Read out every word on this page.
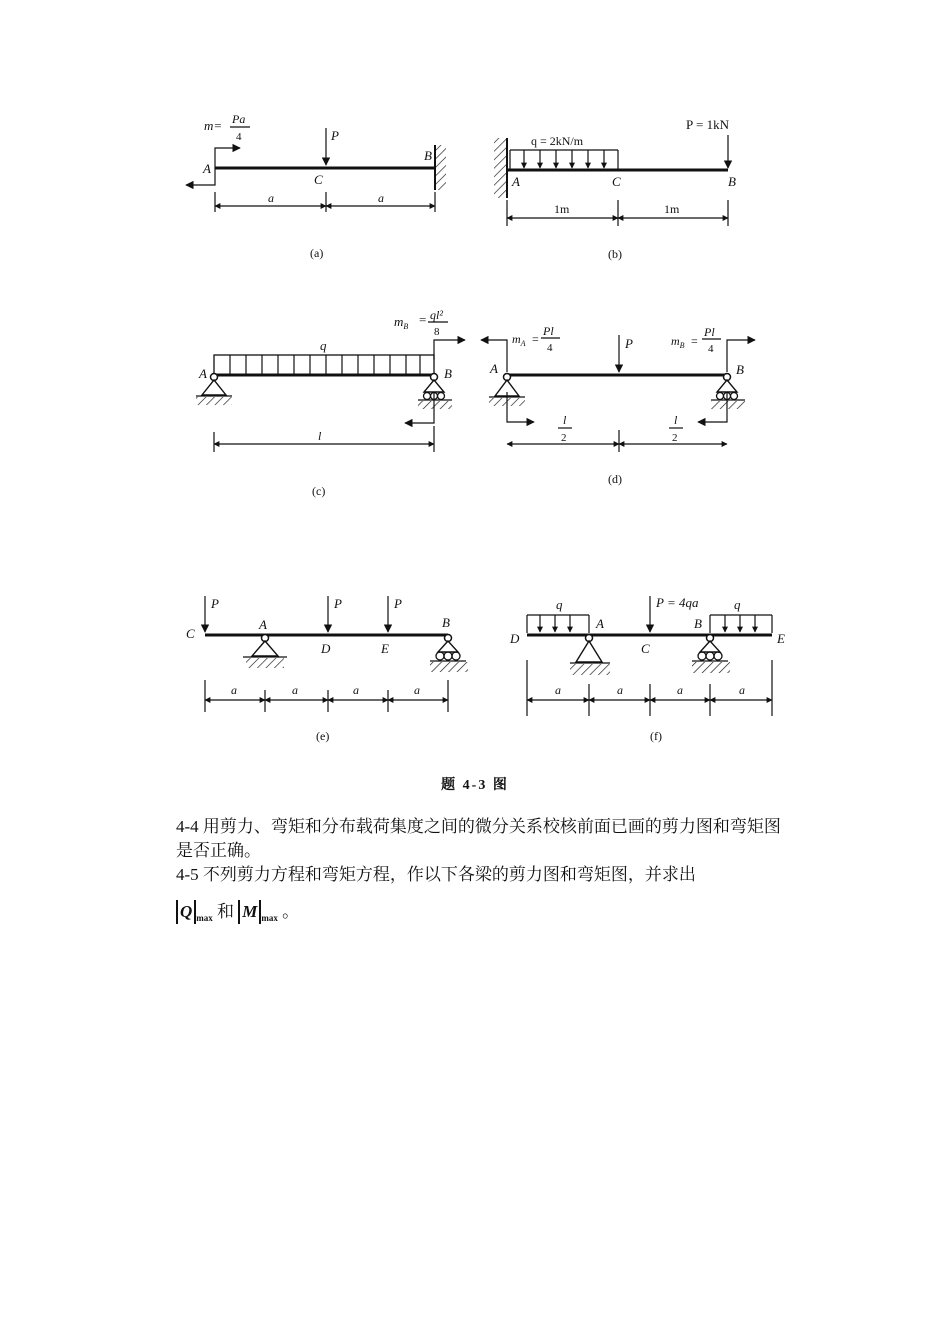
m= Pa
4	P
A
C
B
a	a
(a)
q = 2kN/m
P = 1kN
A	C	B
1m	1m
(b)
q
$m_B = ql^2$
8
A	B
l
(c)
$m_A$ =
Pl
4	P	$m_B$ =
Pl
4
A	B
l
2
l
2
(d)
P	P	P
C
A
D	E
B
a	a	a	a
(e)
q	q
P = 4qa
D
A
C
B
E
a	a	a	a
(f)
题 4-3 图
4-4 用剪力、弯矩和分布载荷集度之间的微分关系校核前面已画的剪力图和弯矩图是否正确。
4-5 不列剪力方程和弯矩方程，作以下各梁的剪力图和弯矩图，并求出
Q $_{max}$ 和 M $_{max}$ 。
